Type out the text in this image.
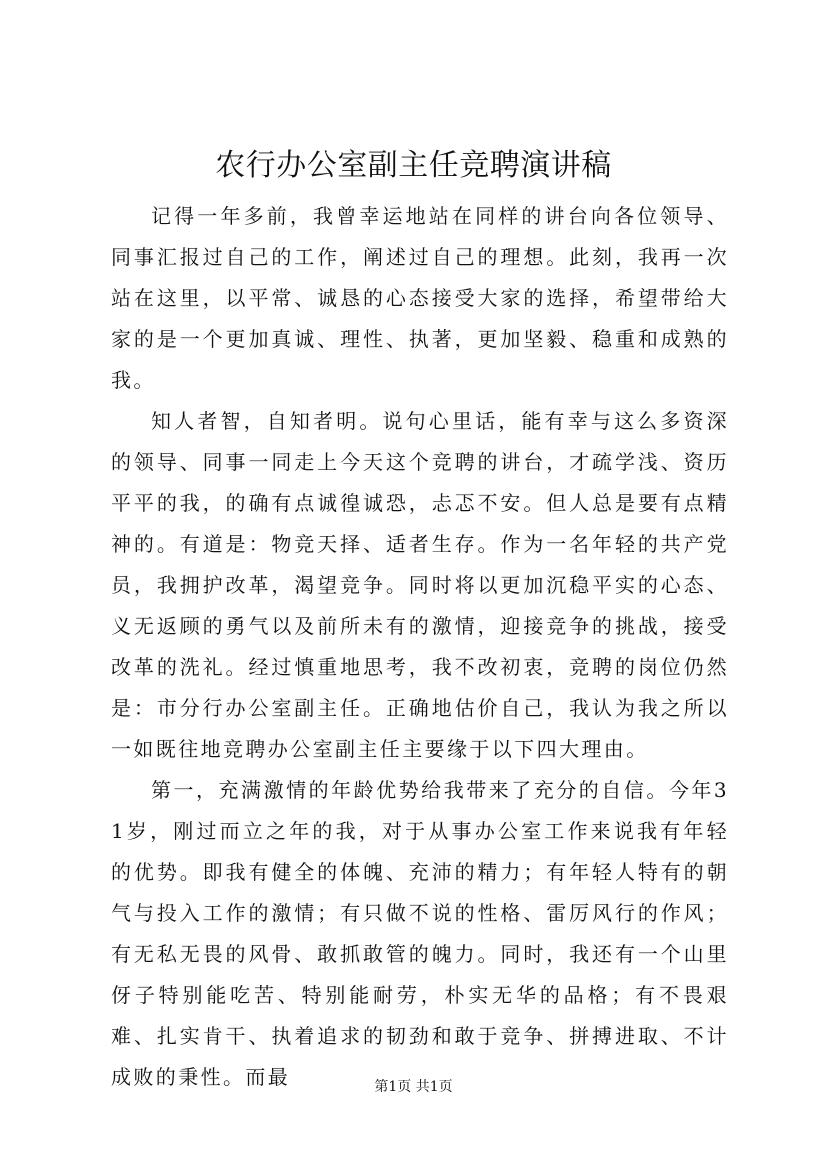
农行办公室副主任竞聘演讲稿

记得一年多前，我曾幸运地站在同样的讲台向各位领导、同事汇报过自己的工作，阐述过自己的理想。此刻，我再一次站在这里，以平常、诚恳的心态接受大家的选择，希望带给大家的是一个更加真诚、理性、执著，更加坚毅、稳重和成熟的我。

知人者智，自知者明。说句心里话，能有幸与这么多资深的领导、同事一同走上今天这个竞聘的讲台，才疏学浅、资历平平的我，的确有点诚徨诚恐，忐忑不安。但人总是要有点精神的。有道是：物竞天择、适者生存。作为一名年轻的共产党员，我拥护改革，渴望竞争。同时将以更加沉稳平实的心态、义无返顾的勇气以及前所未有的激情，迎接竞争的挑战，接受改革的洗礼。经过慎重地思考，我不改初衷，竞聘的岗位仍然是：市分行办公室副主任。正确地估价自己，我认为我之所以一如既往地竞聘办公室副主任主要缘于以下四大理由。

第一，充满激情的年龄优势给我带来了充分的自信。今年31岁，刚过而立之年的我，对于从事办公室工作来说我有年轻的优势。即我有健全的体魄、充沛的精力；有年轻人特有的朝气与投入工作的激情；有只做不说的性格、雷厉风行的作风；有无私无畏的风骨、敢抓敢管的魄力。同时，我还有一个山里伢子特别能吃苦、特别能耐劳，朴实无华的品格；有不畏艰难、扎实肯干、执着追求的韧劲和敢于竞争、拼搏进取、不计成败的秉性。而最	第1页 共1页
